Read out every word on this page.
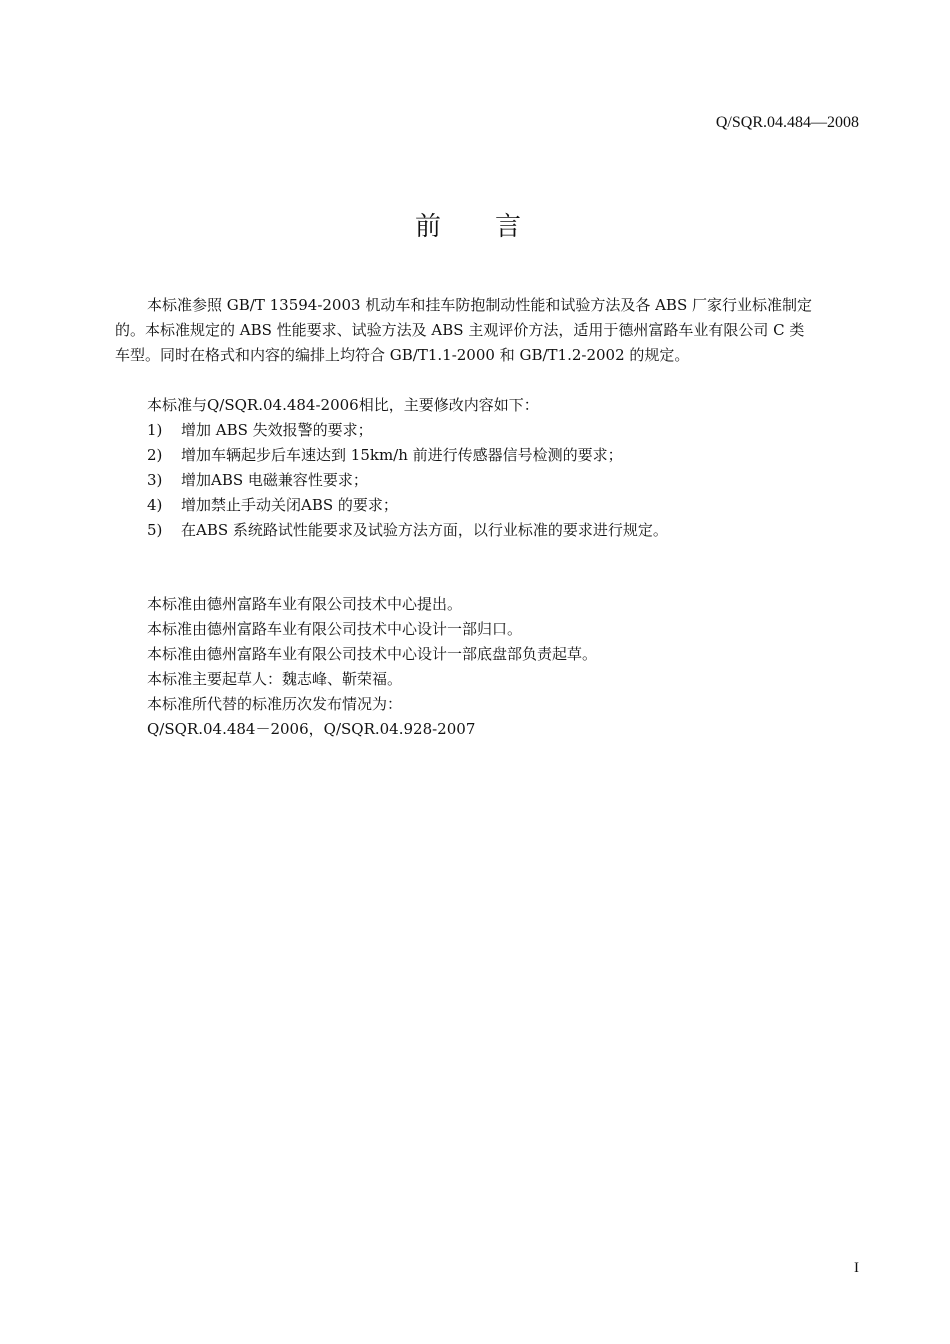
Q/SQR.04.484—2008
前　言
本标准参照 GB/T 13594-2003 机动车和挂车防抱制动性能和试验方法及各 ABS 厂家行业标准制定
的。本标准规定的 ABS 性能要求、试验方法及 ABS 主观评价方法，适用于德州富路车业有限公司 C 类
车型。同时在格式和内容的编排上均符合 GB/T1.1-2000 和 GB/T1.2-2002 的规定。
本标准与Q/SQR.04.484-2006相比，主要修改内容如下：
1) 增加 ABS 失效报警的要求；
2) 增加车辆起步后车速达到 15km/h 前进行传感器信号检测的要求；
3) 增加ABS 电磁兼容性要求；
4) 增加禁止手动关闭ABS 的要求；
5) 在ABS 系统路试性能要求及试验方法方面，以行业标准的要求进行规定。
本标准由德州富路车业有限公司技术中心提出。
本标准由德州富路车业有限公司技术中心设计一部归口。
本标准由德州富路车业有限公司技术中心设计一部底盘部负责起草。
本标准主要起草人：魏志峰、靳荣福。
本标准所代替的标准历次发布情况为：
Q/SQR.04.484－2006，Q/SQR.04.928-2007
I
